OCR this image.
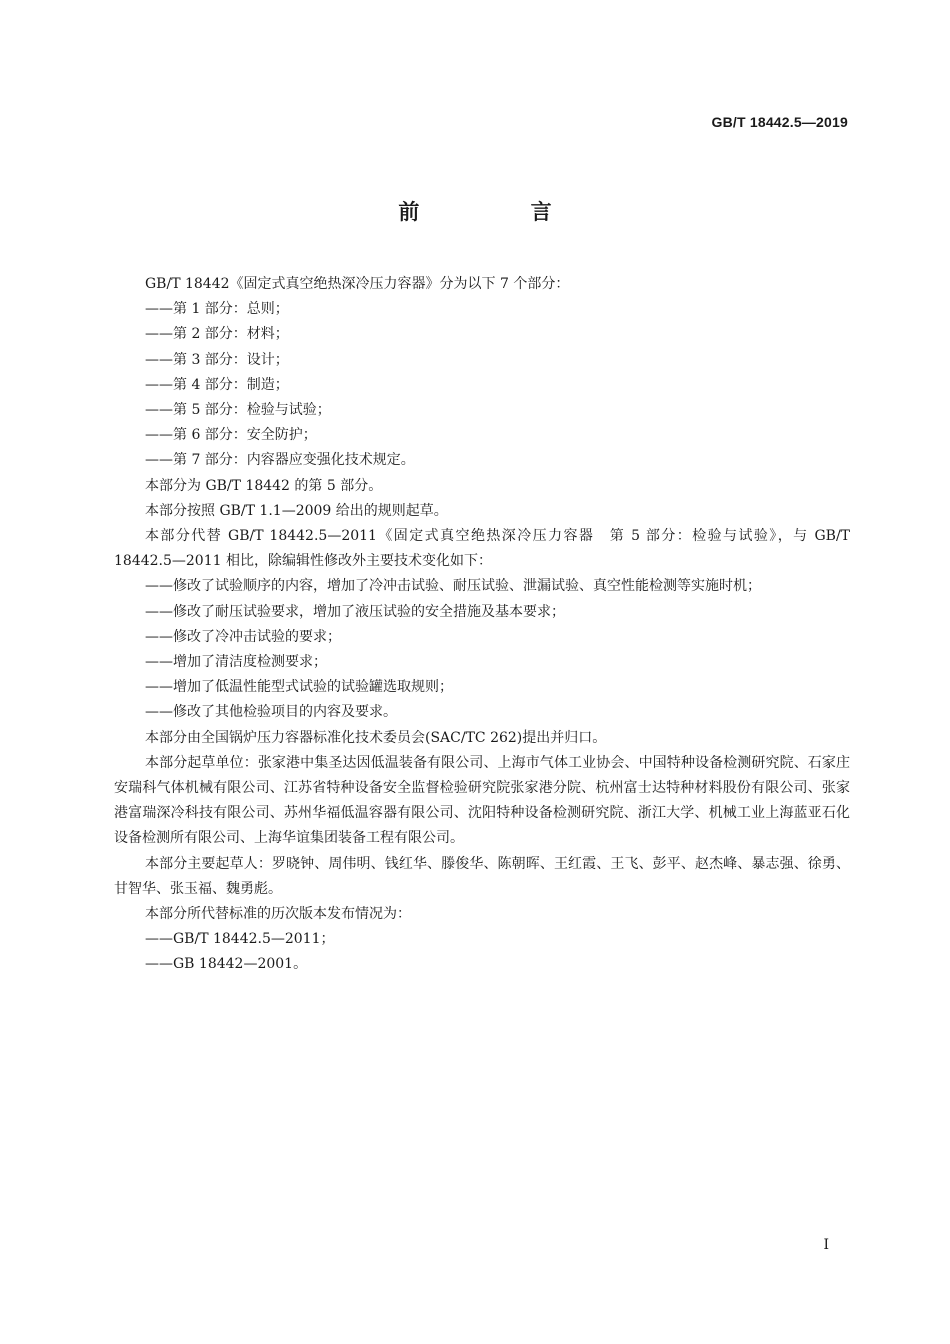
GB/T 18442.5—2019

前 言

GB/T 18442《固定式真空绝热深冷压力容器》分为以下 7 个部分：

——第 1 部分：总则；

——第 2 部分：材料；

——第 3 部分：设计；

——第 4 部分：制造；

——第 5 部分：检验与试验；

——第 6 部分：安全防护；

——第 7 部分：内容器应变强化技术规定。

本部分为 GB/T 18442 的第 5 部分。

本部分按照 GB/T 1.1—2009 给出的规则起草。

本部分代替 GB/T 18442.5—2011《固定式真空绝热深冷压力容器　第 5 部分：检验与试验》，与 GB/T 18442.5—2011 相比，除编辑性修改外主要技术变化如下：

——修改了试验顺序的内容，增加了冷冲击试验、耐压试验、泄漏试验、真空性能检测等实施时机；

——修改了耐压试验要求，增加了液压试验的安全措施及基本要求；

——修改了冷冲击试验的要求；

——增加了清洁度检测要求；

——增加了低温性能型式试验的试验罐选取规则；

——修改了其他检验项目的内容及要求。

本部分由全国锅炉压力容器标准化技术委员会(SAC/TC 262)提出并归口。

本部分起草单位：张家港中集圣达因低温装备有限公司、上海市气体工业协会、中国特种设备检测研究院、石家庄安瑞科气体机械有限公司、江苏省特种设备安全监督检验研究院张家港分院、杭州富士达特种材料股份有限公司、张家港富瑞深冷科技有限公司、苏州华福低温容器有限公司、沈阳特种设备检测研究院、浙江大学、机械工业上海蓝亚石化设备检测所有限公司、上海华谊集团装备工程有限公司。

本部分主要起草人：罗晓钟、周伟明、钱红华、滕俊华、陈朝晖、王红霞、王飞、彭平、赵杰峰、暴志强、徐勇、甘智华、张玉福、魏勇彪。

本部分所代替标准的历次版本发布情况为：

——GB/T 18442.5—2011；

——GB 18442—2001。

I
